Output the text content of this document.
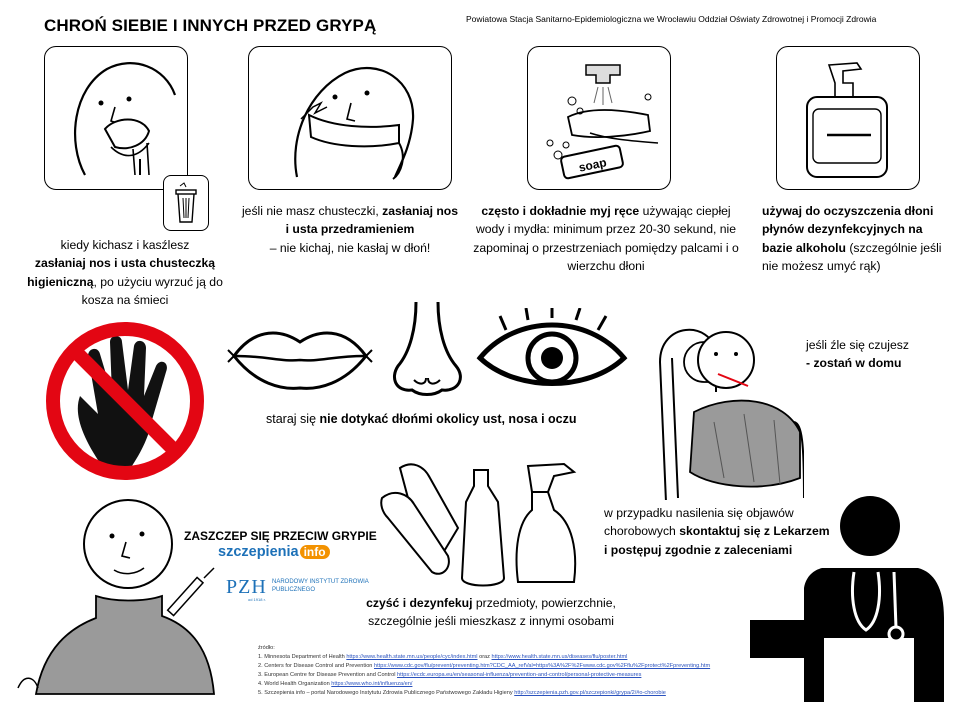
CHROŃ SIEBIE I INNYCH PRZED GRYPĄ	Powiatowa Stacja Sanitarno-Epidemiologiczna we Wrocławiu Oddział Oświaty Zdrowotnej i Promocji Zdrowia
soap
kiedy kichasz i kasźlesz
zasłaniaj nos i usta chusteczką higieniczną, po użyciu wyrzuć ją do kosza na śmieci
jeśli nie masz chusteczki, zasłaniaj nos i usta przedramieniem
– nie kichaj, nie kasłaj w dłoń!
często i dokładnie myj ręce używając ciepłej wody i mydła: minimum przez 20-30 sekund, nie zapominaj o przestrzeniach pomiędzy palcami i o wierzchu dłoni
używaj do oczyszczenia dłoni płynów dezynfekcyjnych na bazie alkoholu (szczególnie jeśli nie możesz umyć rąk)
staraj się nie dotykać dłońmi okolicy ust, nosa i oczu
jeśli źle się czujesz
- zostań w domu
ZASZCZEP SIĘ PRZECIW GRYPIE
szczepienia info
PZH NARODOWY INSTYTUT ZDROWIA PUBLICZNEGO
od 1918 r.	czyść i dezynfekuj przedmioty, powierzchnie, szczególnie jeśli mieszkasz z innymi osobami
w przypadku nasilenia się objawów chorobowych skontaktuj się z Lekarzem i postępuj zgodnie z zaleceniami
źródło:
1. Minnesota Department of Health https://www.health.state.mn.us/people/cyc/index.html oraz https://www.health.state.mn.us/diseases/flu/poster.html
2. Centers for Disease Control and Prevention https://www.cdc.gov/flu/prevent/preventing.htm?CDC_AA_refVal=https%3A%2F%2Fwww.cdc.gov%2Fflu%2Fprotect%2Fpreventing.htm
3. European Centre for Disease Prevention and Control https://ecdc.europa.eu/en/seasonal-influenza/prevention-and-control/personal-protective-measures
4. World Health Organization https://www.who.int/influenza/en/
5. Szczepienia info – portal Narodowego Instytutu Zdrowia Publicznego Państwowego Zakładu Higieny http://szczepienia.pzh.gov.pl/szczepionki/grypa/2/#o-chorobie
